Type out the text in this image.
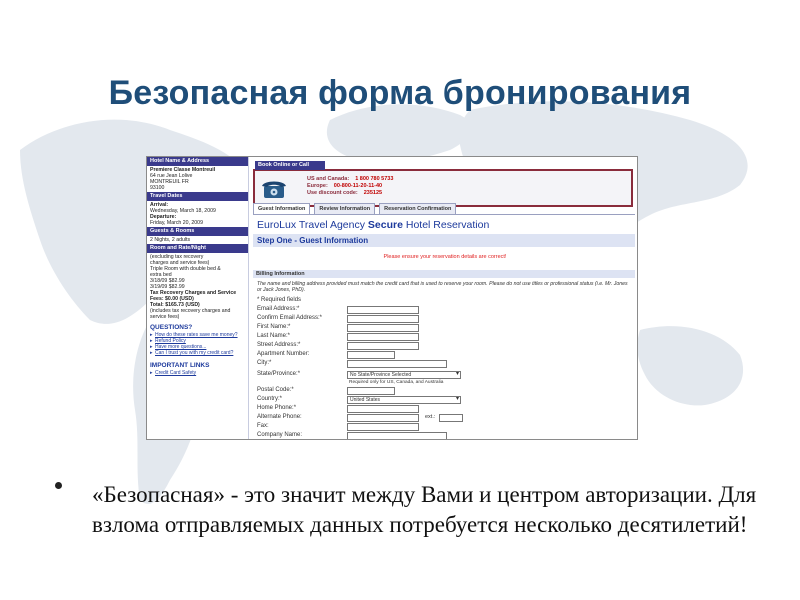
Безопасная форма бронирования
Hotel Name & Address
Premiere Classe Montreuil
64 rue Jean Lolive
MONTREUIL FR
93100
Travel Dates
Arrival:
Wednesday, March 18, 2009
Departure:
Friday, March 20, 2009
Guests & Rooms
2 Nights, 2 adults
Room and Rate/Night
(excluding tax recovery
charges and service fees)
Triple Room with double bed &
extra bed
3/18/09 $82.99
3/19/09 $82.99
Tax Recovery Charges and Service Fees: $0.00 (USD)
Total: $165.73 (USD)
(includes tax recovery charges and service fees)
QUESTIONS?
▸ How do these rates save me money?
▸ Refund Policy
▸ Have more questions...
▸ Can I trust you with my credit card?
IMPORTANT LINKS
▸ Credit Card Safety
Book Online or Call
US and Canada: 1 800 780 5733
Europe: 00-800-11-20-11-40
Use discount code: 235125
Guest Information	Review Information	Reservation Confirmation
EuroLux Travel Agency Secure Hotel Reservation
Step One - Guest Information
Please ensure your reservation details are correct!
Billing Information
The name and billing address provided must match the credit card that is used to reserve your room. Please do not use titles or professional status (i.e. Mr. Jones or Jack Jones, PhD).
* Required fields
Email Address:*
Confirm Email Address:*
First Name:*
Last Name:*
Street Address:*
Apartment Number:
City:*
State/Province:*	No State/Province Selected ▾
Required only for US, Canada, and Australia
Postal Code:*
Country:*	United States ▾
Home Phone:*
Alternate Phone:	ext.:
Fax:
Company Name:
«Безопасная» - это значит между Вами и центром авторизации. Для взлома отправляемых данных потребуется несколько десятилетий!
